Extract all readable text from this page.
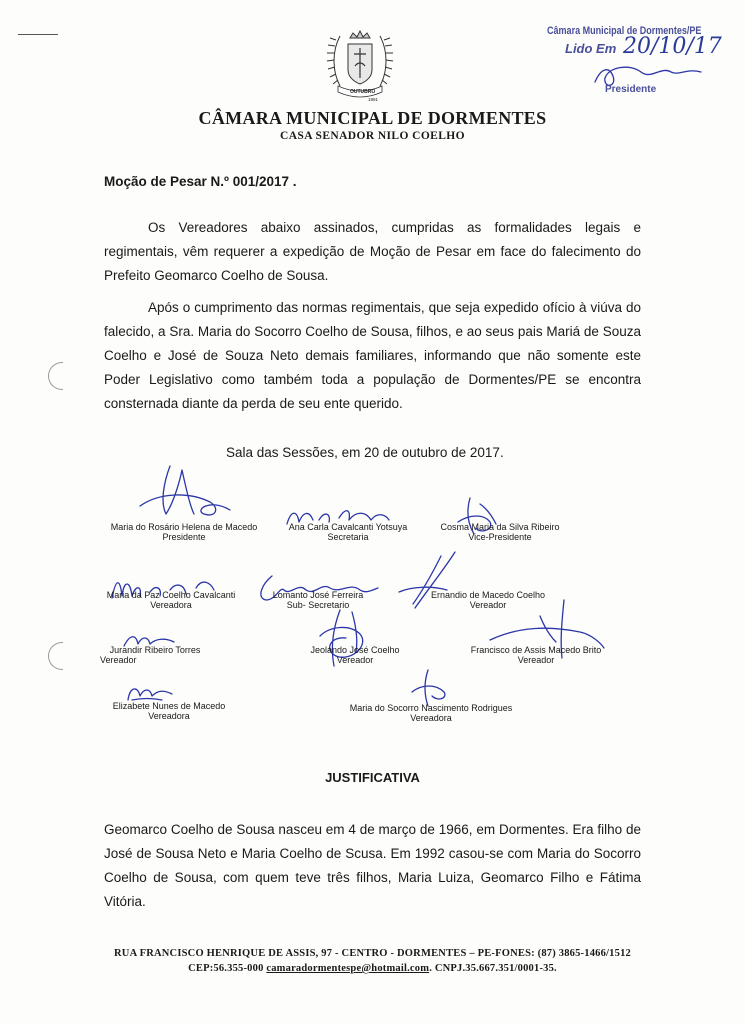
OUTUBRO
1991
CÂMARA MUNICIPAL DE DORMENTES
CASA SENADOR NILO COELHO
Câmara Municipal de Dormentes/PE
Lido Em 20/10/17
Presidente
Moção de Pesar N.º 001/2017 .
Os Vereadores abaixo assinados, cumpridas as formalidades legais e regimentais, vêm requerer a expedição de Moção de Pesar em face do falecimento do Prefeito Geomarco Coelho de Sousa.
Após o cumprimento das normas regimentais, que seja expedido ofício à viúva do falecido, a Sra. Maria do Socorro Coelho de Sousa, filhos, e ao seus pais Mariá de Souza Coelho e José de Souza Neto demais familiares, informando que não somente este Poder Legislativo como também toda a população de Dormentes/PE se encontra consternada diante da perda de seu ente querido.
Sala das Sessões, em 20 de outubro de 2017.
Maria do Rosário Helena de Macedo
Presidente
Ana Carla Cavalcanti Yotsuya
Secretaria
Cosma Maria da Silva Ribeiro
Vice-Presidente
Maria da Paz Coelho Cavalcanti
Vereadora
Lomanto José Ferreira
Sub- Secretario
Ernandio de Macedo Coelho
Vereador
Jurandir Ribeiro Torres
Vereador
Jeolando José Coelho
Vereador
Francisco de Assis Macedo Brito
Vereador
Elizabete Nunes de Macedo
Vereadora
Maria do Socorro Nascimento Rodrigues
Vereadora
JUSTIFICATIVA
Geomarco Coelho de Sousa nasceu em 4 de março de 1966, em Dormentes. Era filho de José de Sousa Neto e Maria Coelho de Scusa. Em 1992 casou-se com Maria do Socorro Coelho de Sousa, com quem teve três filhos, Maria Luiza, Geomarco Filho e Fátima Vitória.
RUA FRANCISCO HENRIQUE DE ASSIS, 97 - CENTRO - DORMENTES – PE-FONES: (87) 3865-1466/1512
CEP:56.355-000 camaradormentespe@hotmail.com. CNPJ.35.667.351/0001-35.
